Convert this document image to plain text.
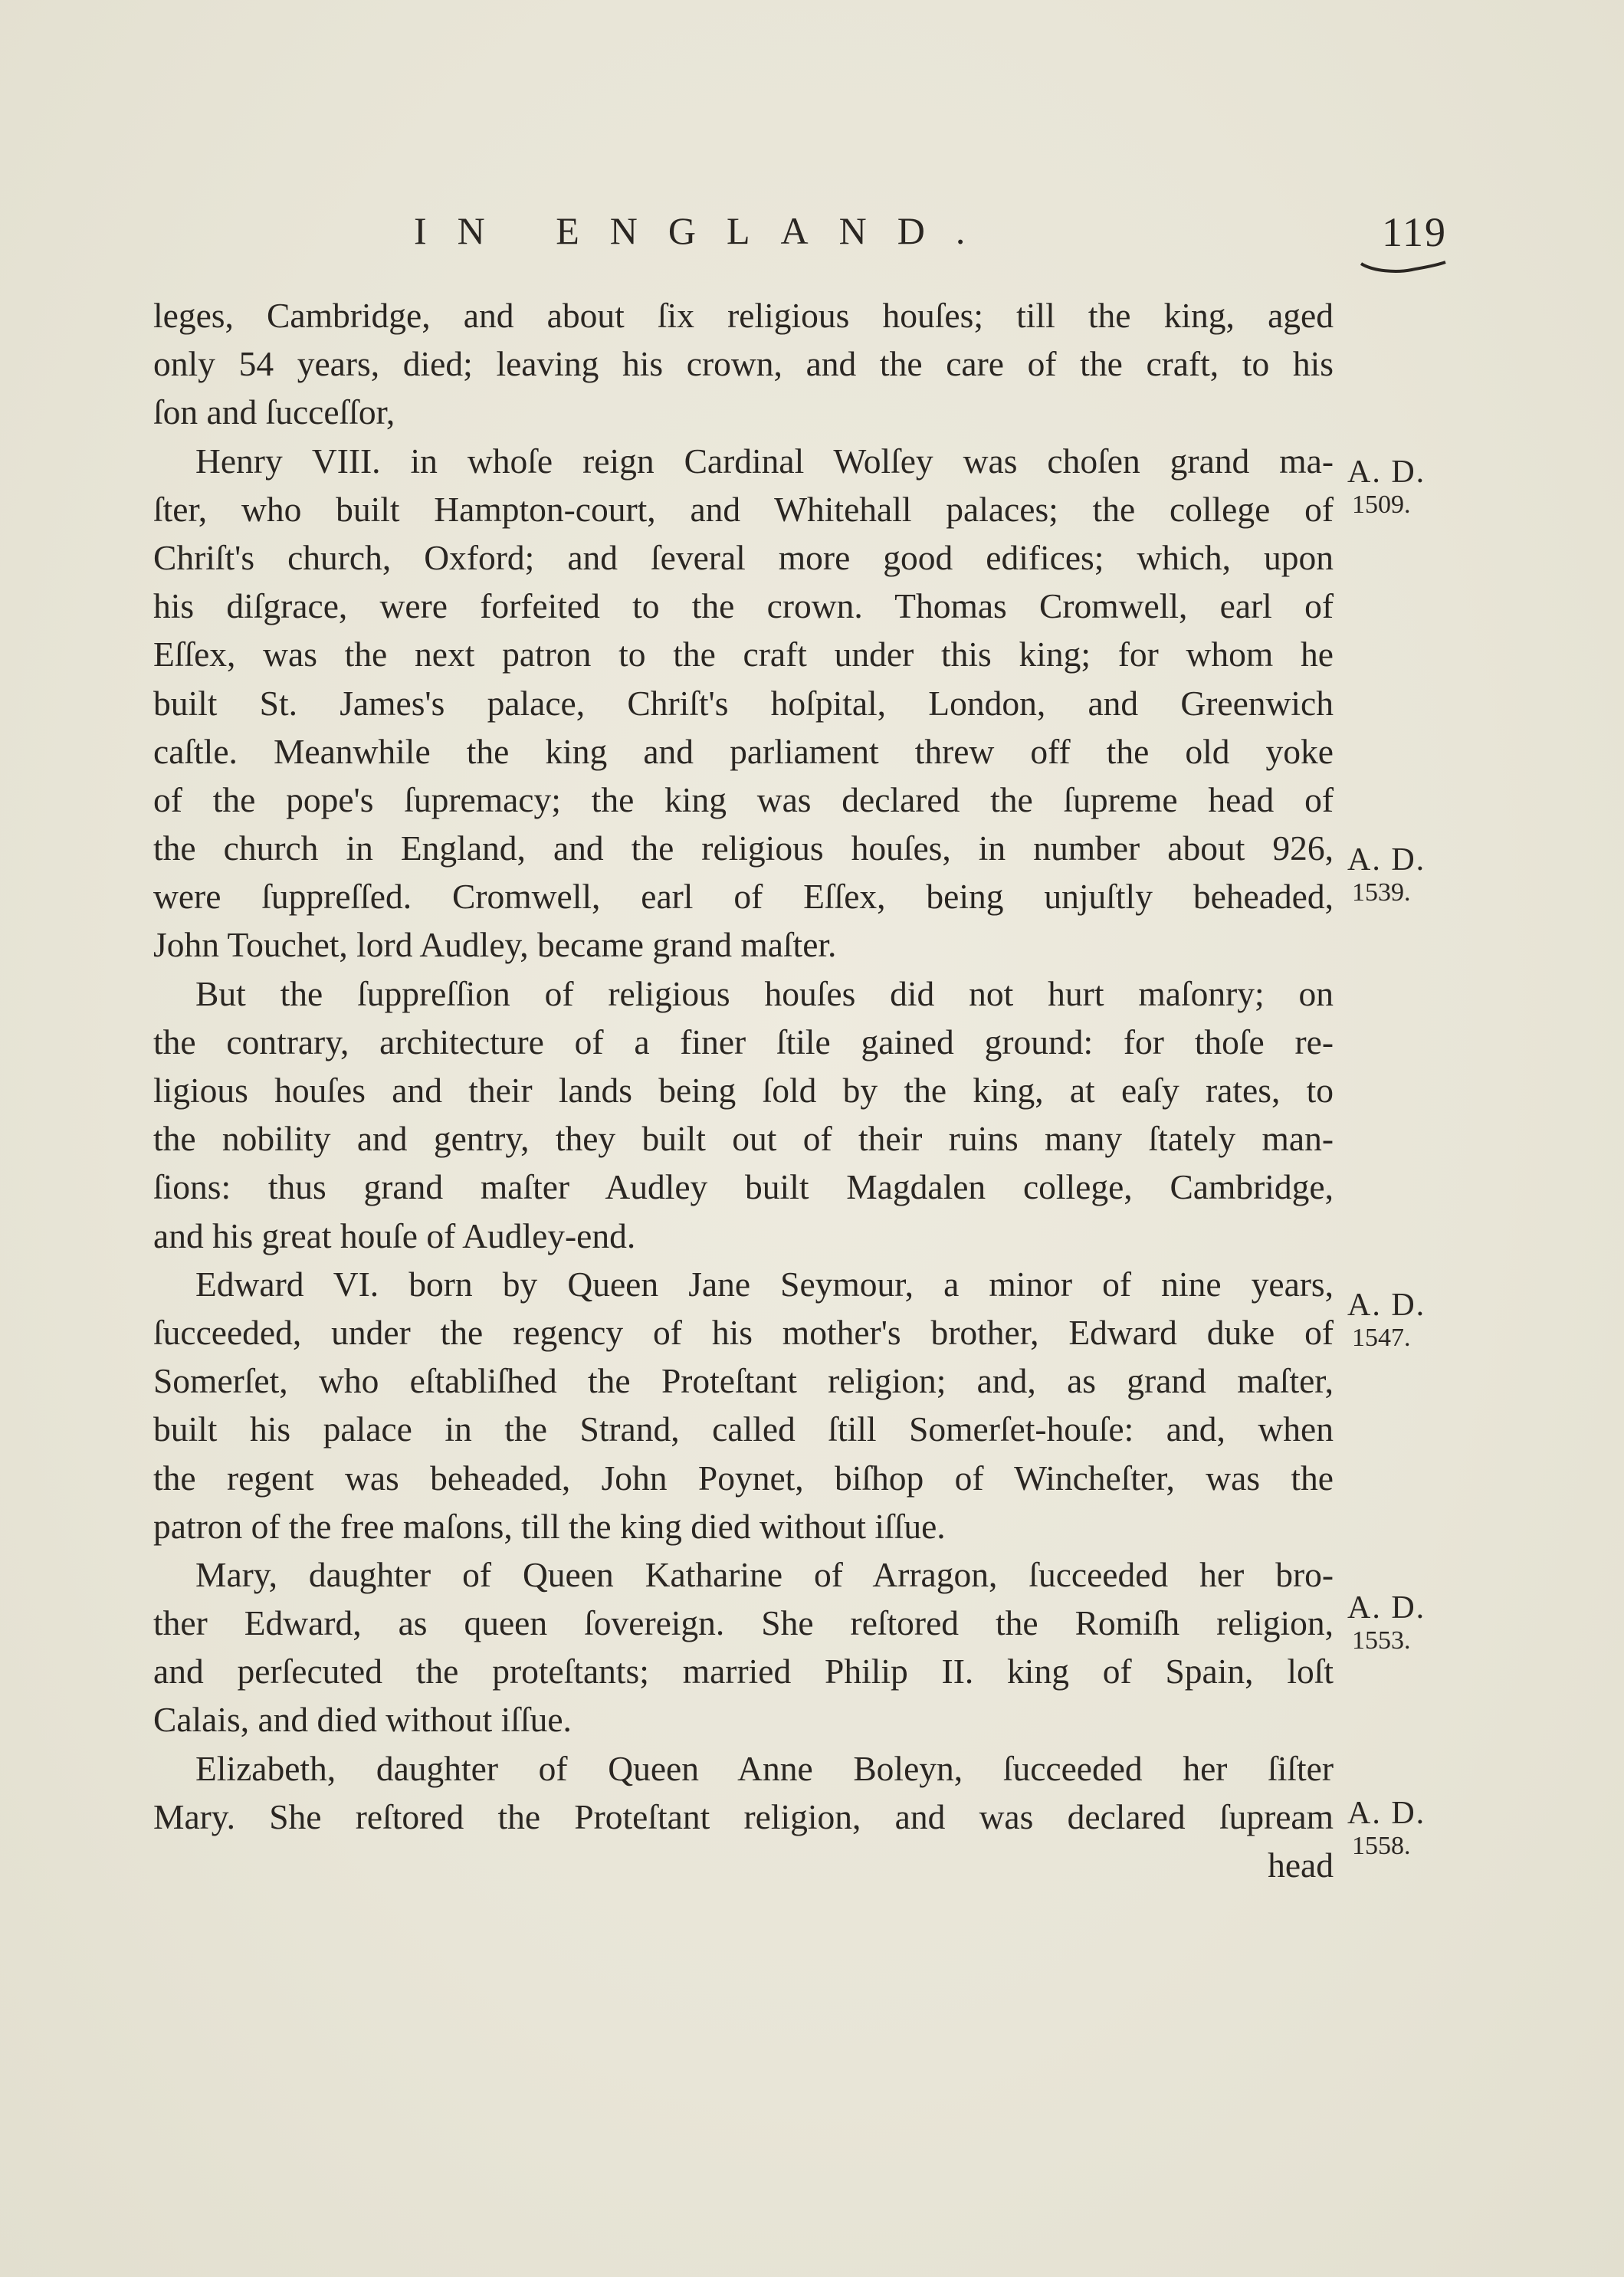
IN ENGLAND.	119
leges, Cambridge, and about ſix religious houſes; till the king, aged
only 54 years, died; leaving his crown, and the care of the craft, to his
ſon and ſucceſſor,
Henry VIII. in whoſe reign Cardinal Wolſey was choſen grand ma-
ſter, who built Hampton-court, and Whitehall palaces; the college of
Chriſt's church, Oxford; and ſeveral more good edifices; which, upon
his diſgrace, were forfeited to the crown. Thomas Cromwell, earl of
Eſſex, was the next patron to the craft under this king; for whom he
built St. James's palace, Chriſt's hoſpital, London, and Greenwich
caſtle. Meanwhile the king and parliament threw off the old yoke
of the pope's ſupremacy; the king was declared the ſupreme head of
the church in England, and the religious houſes, in number about 926,
were ſuppreſſed. Cromwell, earl of Eſſex, being unjuſtly beheaded,
John Touchet, lord Audley, became grand maſter.
But the ſuppreſſion of religious houſes did not hurt maſonry; on
the contrary, architecture of a finer ſtile gained ground: for thoſe re-
ligious houſes and their lands being ſold by the king, at eaſy rates, to
the nobility and gentry, they built out of their ruins many ſtately man-
ſions: thus grand maſter Audley built Magdalen college, Cambridge,
and his great houſe of Audley-end.
Edward VI. born by Queen Jane Seymour, a minor of nine years,
ſucceeded, under the regency of his mother's brother, Edward duke of
Somerſet, who eſtabliſhed the Proteſtant religion; and, as grand maſter,
built his palace in the Strand, called ſtill Somerſet-houſe: and, when
the regent was beheaded, John Poynet, biſhop of Wincheſter, was the
patron of the free maſons, till the king died without iſſue.
Mary, daughter of Queen Katharine of Arragon, ſucceeded her bro-
ther Edward, as queen ſovereign. She reſtored the Romiſh religion,
and perſecuted the proteſtants; married Philip II. king of Spain, loſt
Calais, and died without iſſue.
Elizabeth, daughter of Queen Anne Boleyn, ſucceeded her ſiſter
Mary. She reſtored the Proteſtant religion, and was declared ſupream
head
A. D.
1509.
A. D.
1539.
A. D.
1547.
A. D.
1553.
A. D.
1558.
